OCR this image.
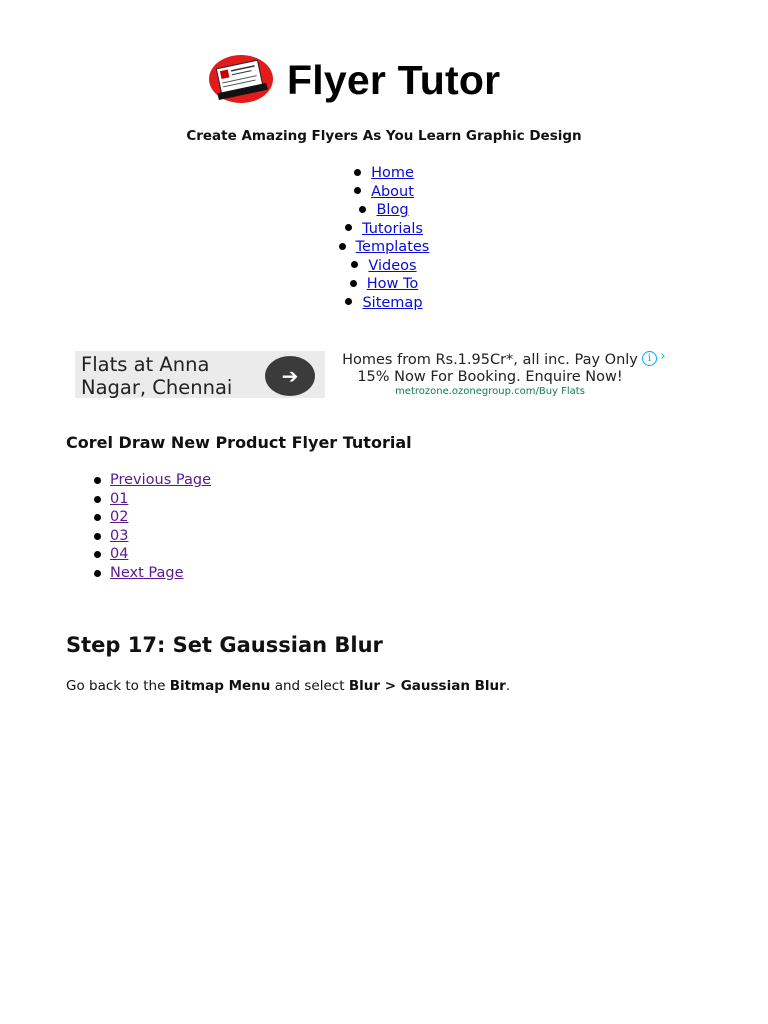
Flyer Tutor
Create Amazing Flyers As You Learn Graphic Design
Home
About
Blog
Tutorials
Templates
Videos
How To
Sitemap
Flats at Anna Nagar, Chennai	➔
Homes from Rs.1.95Cr*, all inc. Pay Only 15% Now For Booking. Enquire Now!
metrozone.ozonegroup.com/Buy Flats
i ›
Corel Draw New Product Flyer Tutorial
Previous Page
01
02
03
04
Next Page
Step 17: Set Gaussian Blur

Go back to the Bitmap Menu and select Blur > Gaussian Blur.
